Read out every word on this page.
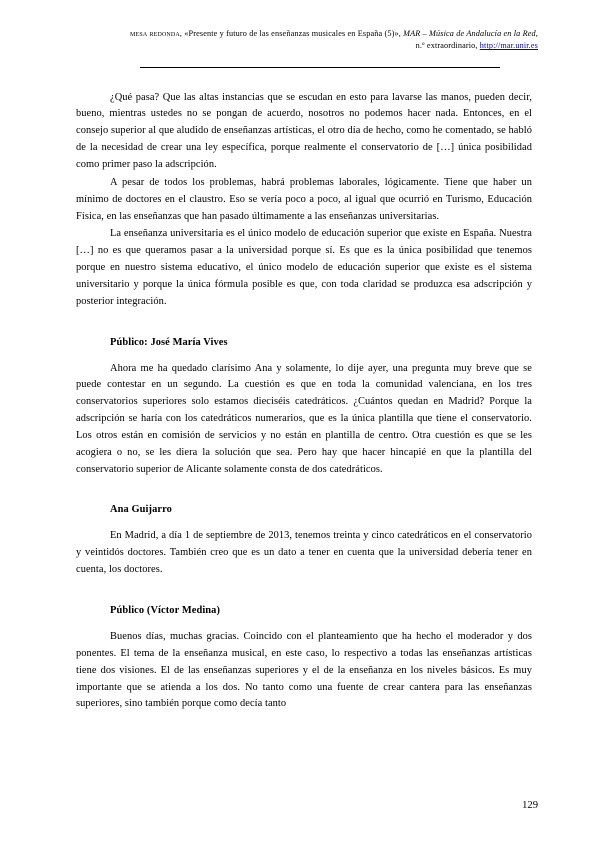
mesa redonda, «Presente y futuro de las enseñanzas musicales en España (5)», MAR – Música de Andalucía en la Red, n.º extraordinario, http://mar.unir.es

¿Qué pasa? Que las altas instancias que se escudan en esto para lavarse las manos, pueden decir, bueno, mientras ustedes no se pongan de acuerdo, nosotros no podemos hacer nada. Entonces, en el consejo superior al que aludido de enseñanzas artísticas, el otro día de hecho, como he comentado, se habló de la necesidad de crear una ley específica, porque realmente el conservatorio de […] única posibilidad como primer paso la adscripción.

A pesar de todos los problemas, habrá problemas laborales, lógicamente. Tiene que haber un mínimo de doctores en el claustro. Eso se vería poco a poco, al igual que ocurrió en Turismo, Educación Física, en las enseñanzas que han pasado últimamente a las enseñanzas universitarias.

La enseñanza universitaria es el único modelo de educación superior que existe en España. Nuestra […] no es que queramos pasar a la universidad porque sí. Es que es la única posibilidad que tenemos porque en nuestro sistema educativo, el único modelo de educación superior que existe es el sistema universitario y porque la única fórmula posible es que, con toda claridad se produzca esa adscripción y posterior integración.

Público: José María Vives

Ahora me ha quedado clarísimo Ana y solamente, lo dije ayer, una pregunta muy breve que se puede contestar en un segundo. La cuestión es que en toda la comunidad valenciana, en los tres conservatorios superiores solo estamos dieciséis catedráticos. ¿Cuántos quedan en Madrid? Porque la adscripción se haría con los catedráticos numerarios, que es la única plantilla que tiene el conservatorio. Los otros están en comisión de servicios y no están en plantilla de centro. Otra cuestión es que se les acogiera o no, se les diera la solución que sea. Pero hay que hacer hincapié en que la plantilla del conservatorio superior de Alicante solamente consta de dos catedráticos.

Ana Guijarro

En Madrid, a día 1 de septiembre de 2013, tenemos treinta y cinco catedráticos en el conservatorio y veintidós doctores. También creo que es un dato a tener en cuenta que la universidad debería tener en cuenta, los doctores.

Público (Víctor Medina)

Buenos días, muchas gracias. Coincido con el planteamiento que ha hecho el moderador y dos ponentes. El tema de la enseñanza musical, en este caso, lo respectivo a todas las enseñanzas artísticas tiene dos visiones. El de las enseñanzas superiores y el de la enseñanza en los niveles básicos. Es muy importante que se atienda a los dos. No tanto como una fuente de crear cantera para las enseñanzas superiores, sino también porque como decía tanto

129
